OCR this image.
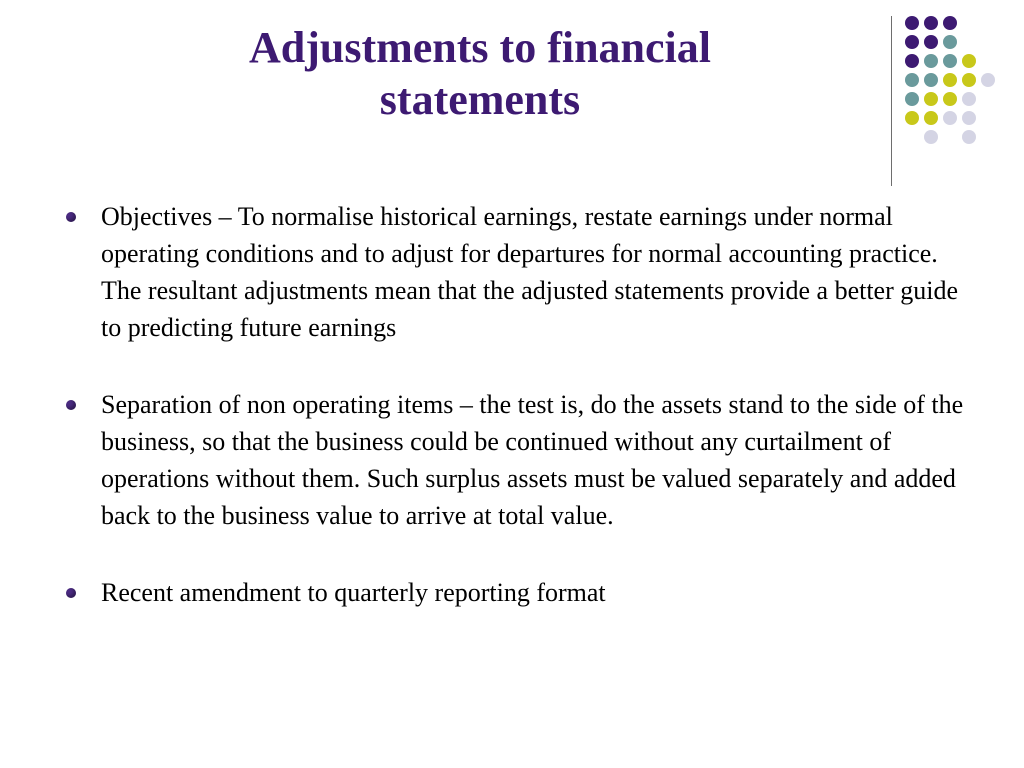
Adjustments to financial
statements
Objectives – To normalise historical earnings, restate earnings under normal operating conditions and to adjust for departures for normal accounting practice. The resultant adjustments mean that the adjusted statements provide a better guide to predicting future earnings
Separation of non operating items – the test is, do the assets stand to the side of the business, so that the business could be continued without any curtailment of operations without them. Such surplus assets must be valued separately and added back to the business value to arrive at total value.
Recent amendment to quarterly reporting format
